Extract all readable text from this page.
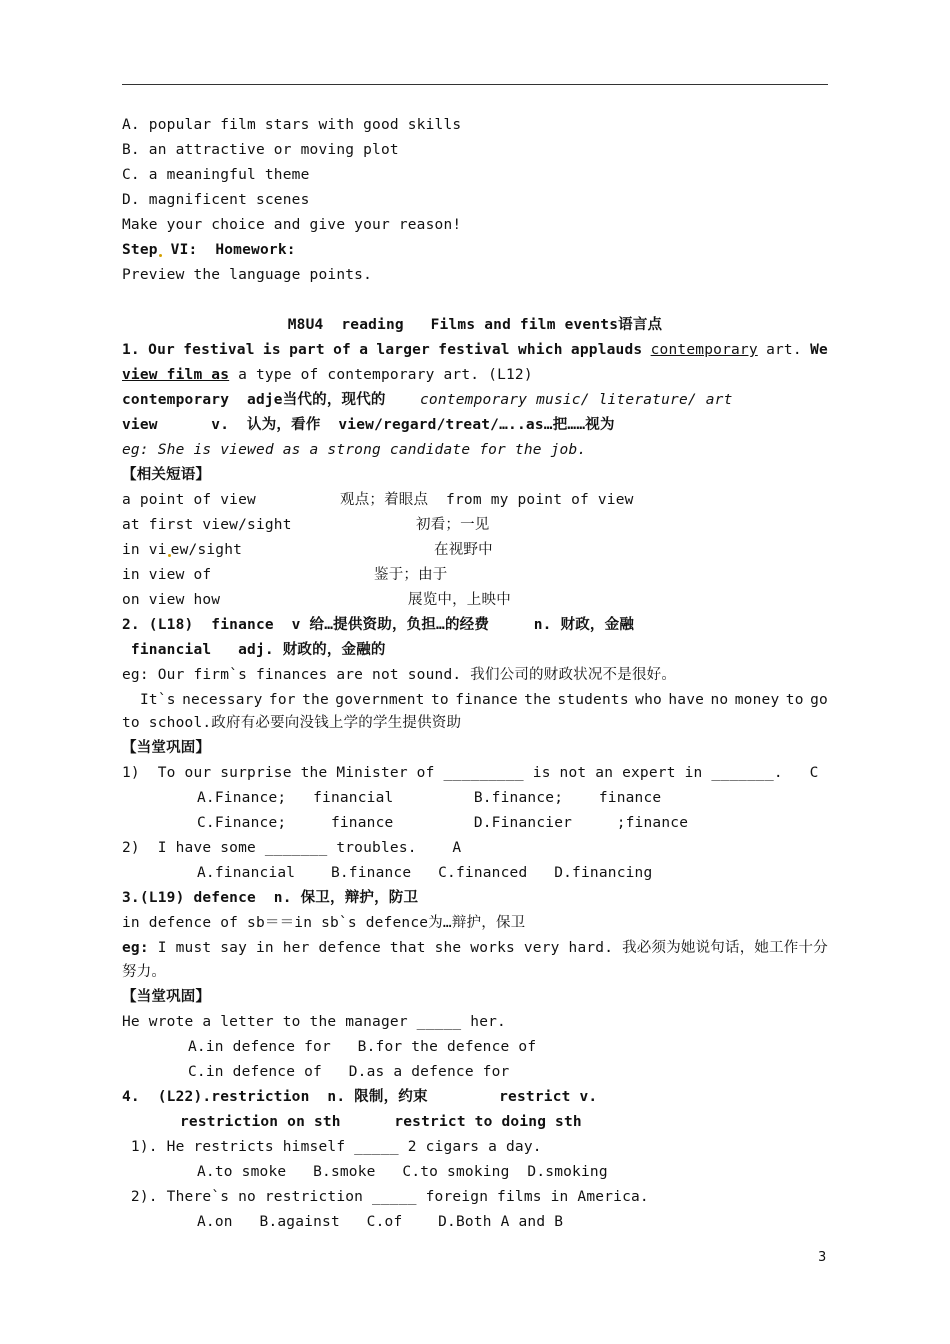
A. popular film stars with good skills
B. an attractive or moving plot
C. a meaningful theme
D. magnificent scenes
Make your choice and give your reason!
Step VI:  Homework:
Preview the language points.
M8U4  reading   Films and film events语言点
1. Our festival is part of a larger festival which applauds contemporary art. We
view film as a type of contemporary art. (L12)
contemporary  adje当代的，现代的 contemporary music/ literature/ art
view      v.  认为，看作  view/regard/treat/…..as…把……视为
eg: She is viewed as a strong candidate for the job.
【相关短语】
a point of view	观点；着眼点  from my point of view
at first view/sight	初看；一见
in vi ew/sight	在视野中
in view of	鉴于；由于
on view how	展览中，上映中
2. (L18)  finance  v 给…提供资助，负担…的经费     n. 财政，金融
financial   adj. 财政的，金融的
eg: Our firm`s finances are not sound. 我们公司的财政状况不是很好。
It`s necessary for the government to finance the students who have no money to go
to school.政府有必要向没钱上学的学生提供资助
【当堂巩固】
1)  To our surprise the Minister of _________ is not an expert in _______.   C
A.Finance;   financial         B.finance;    finance
C.Finance;     finance         D.Financier     ;finance
2)  I have some _______ troubles.    A
A.financial    B.finance   C.financed   D.financing
3.(L19) defence  n. 保卫，辩护，防卫
in defence of sb＝＝in sb`s defence为…辩护，保卫
eg: I must say in her defence that she works very hard. 我必须为她说句话，她工作十分
努力。
【当堂巩固】
He wrote a letter to the manager _____ her.
A.in defence for   B.for the defence of
C.in defence of   D.as a defence for
4.  (L22).restriction  n. 限制，约束        restrict v.
restriction on sth      restrict to doing sth
1). He restricts himself _____ 2 cigars a day.
A.to smoke   B.smoke   C.to smoking  D.smoking
2). There`s no restriction _____ foreign films in America.
A.on   B.against   C.of    D.Both A and B
3
